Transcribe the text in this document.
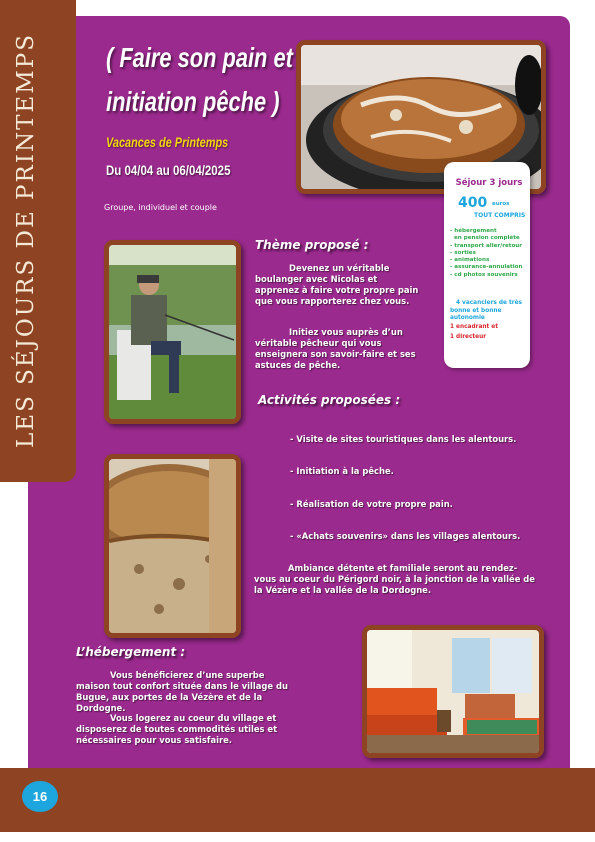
LES SÉJOURS DE PRINTEMPS ( Faire son pain et
initiation pêche )
Vacances de Printemps
Du 04/04 au 06/04/2025
Groupe, individuel et couple
Séjour 3 jours
400 euros
TOUT COMPRIS
- hébergement
en pension complète
- transport aller/retour
- sorties
- animations
- assurance-annulation
- cd photos souvenirs
4 vacanciers de très
bonne et bonne autonomie
1 encadrant et
1 directeur
Thème proposé :
Devenez un véritable boulanger avec Nicolas et apprenez à faire votre propre pain que vous rapporterez chez vous.
Initiez vous auprès d’un véritable pêcheur qui vous enseignera son savoir-faire et ses astuces de pêche.
Activités proposées :
- Visite de sites touristiques dans les alentours.
- Initiation à la pêche.
- Réalisation de votre propre pain.
- «Achats souvenirs» dans les villages alentours.
Ambiance détente et familiale seront au rendez-vous au coeur du Périgord noir, à la jonction de la vallée de la Vézère et la vallée de la Dordogne.
L’hébergement :
Vous bénéficierez d’une superbe maison tout confort située dans le village du Bugue, aux portes de la Vézère et de la Dordogne.
Vous logerez au coeur du village et disposerez de toutes commodités utiles et nécessaires pour vous satisfaire.
16
